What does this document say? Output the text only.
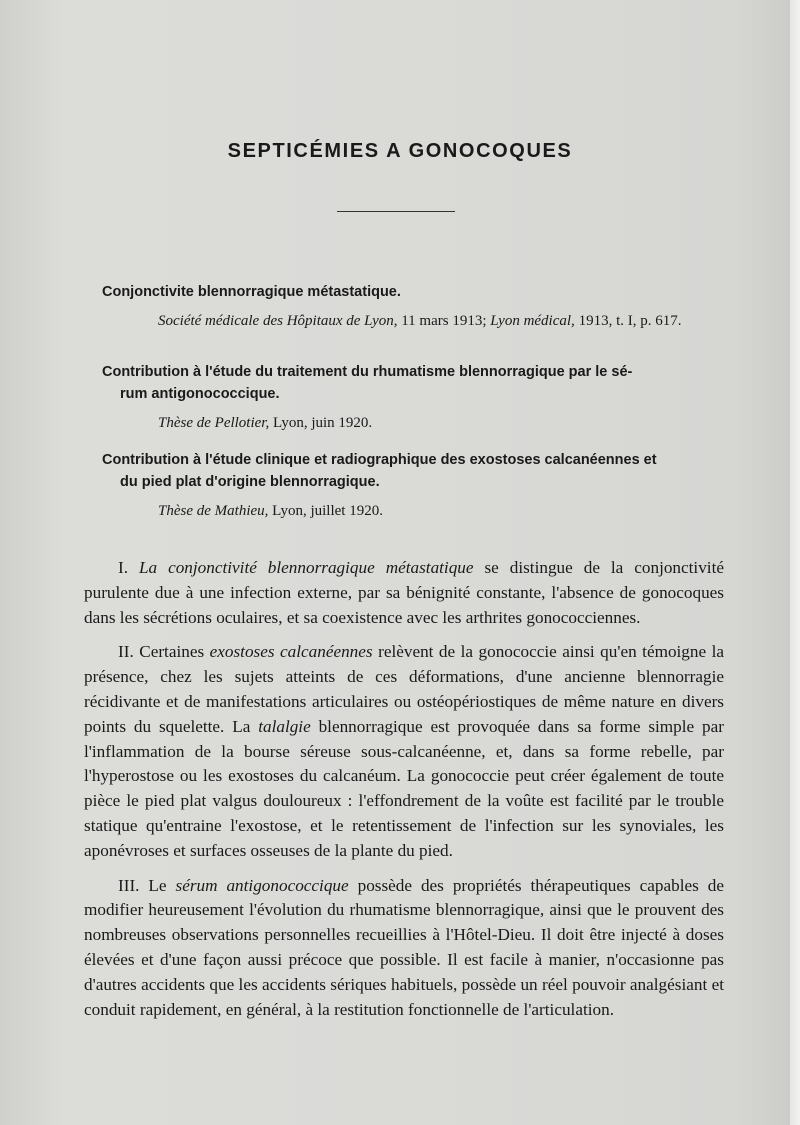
SEPTICÉMIES A GONOCOQUES

Conjonctivite blennorragique métastatique.

Société médicale des Hôpitaux de Lyon, 11 mars 1913; Lyon médical, 1913, t. I, p. 617.

Contribution à l'étude du traitement du rhumatisme blennorragique par le sé-
rum antigonococcique.

Thèse de Pellotier, Lyon, juin 1920.

Contribution à l'étude clinique et radiographique des exostoses calcanéennes et
du pied plat d'origine blennorragique.

Thèse de Mathieu, Lyon, juillet 1920.

I. La conjonctivité blennorragique métastatique se distingue de la conjonctivité purulente due à une infection externe, par sa bénignité constante, l'absence de gonocoques dans les sécrétions oculaires, et sa coexistence avec les arthrites gonococciennes.

II. Certaines exostoses calcanéennes relèvent de la gonococcie ainsi qu'en témoigne la présence, chez les sujets atteints de ces déformations, d'une ancienne blennorragie récidivante et de manifestations articulaires ou ostéopériostiques de même nature en divers points du squelette. La talalgie blennorragique est provoquée dans sa forme simple par l'inflammation de la bourse séreuse sous-calcanéenne, et, dans sa forme rebelle, par l'hyperostose ou les exostoses du calcanéum. La gonococcie peut créer également de toute pièce le pied plat valgus douloureux : l'effondrement de la voûte est facilité par le trouble statique qu'entraine l'exostose, et le retentissement de l'infection sur les synoviales, les aponévroses et surfaces osseuses de la plante du pied.

III. Le sérum antigonococcique possède des propriétés thérapeutiques capables de modifier heureusement l'évolution du rhumatisme blennorragique, ainsi que le prouvent des nombreuses observations personnelles recueillies à l'Hôtel-Dieu. Il doit être injecté à doses élevées et d'une façon aussi précoce que possible. Il est facile à manier, n'occasionne pas d'autres accidents que les accidents sériques habituels, possède un réel pouvoir analgésiant et conduit rapidement, en général, à la restitution fonctionnelle de l'articulation.
